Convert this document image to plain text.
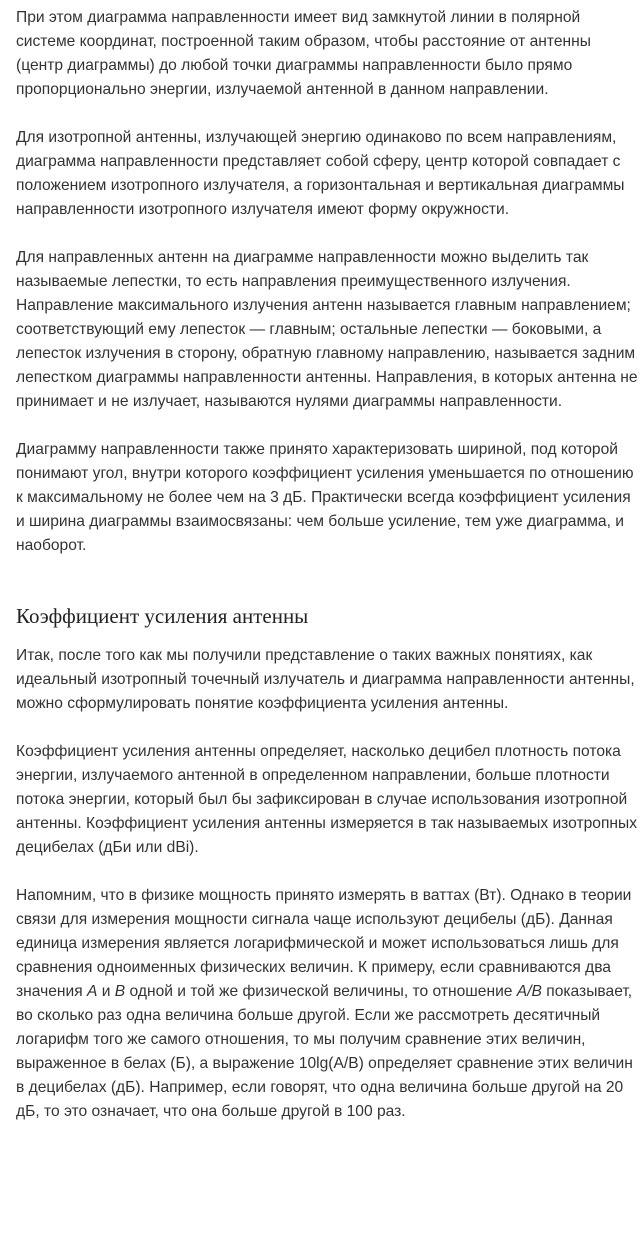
При этом диаграмма направленности имеет вид замкнутой линии в полярной системе координат, построенной таким образом, чтобы расстояние от антенны (центр диаграммы) до любой точки диаграммы направленности было прямо пропорционально энергии, излучаемой антенной в данном направлении.

Для изотропной антенны, излучающей энергию одинаково по всем направлениям, диаграмма направленности представляет собой сферу, центр которой совпадает с положением изотропного излучателя, а горизонтальная и вертикальная диаграммы направленности изотропного излучателя имеют форму окружности.

Для направленных антенн на диаграмме направленности можно выделить так называемые лепестки, то есть направления преимущественного излучения. Направление максимального излучения антенн называется главным направлением; соответствующий ему лепесток — главным; остальные лепестки — боковыми, а лепесток излучения в сторону, обратную главному направлению, называется задним лепестком диаграммы направленности антенны. Направления, в которых антенна не принимает и не излучает, называются нулями диаграммы направленности.

Диаграмму направленности также принято характеризовать шириной, под которой понимают угол, внутри которого коэффициент усиления уменьшается по отношению к максимальному не более чем на 3 дБ. Практически всегда коэффициент усиления и ширина диаграммы взаимосвязаны: чем больше усиление, тем уже диаграмма, и наоборот.

Коэффициент усиления антенны

Итак, после того как мы получили представление о таких важных понятиях, как идеальный изотропный точечный излучатель и диаграмма направленности антенны, можно сформулировать понятие коэффициента усиления антенны.

Коэффициент усиления антенны определяет, насколько децибел плотность потока энергии, излучаемого антенной в определенном направлении, больше плотности потока энергии, который был бы зафиксирован в случае использования изотропной антенны. Коэффициент усиления антенны измеряется в так называемых изотропных децибелах (дБи или dBi).

Напомним, что в физике мощность принято измерять в ваттах (Вт). Однако в теории связи для измерения мощности сигнала чаще используют децибелы (дБ). Данная единица измерения является логарифмической и может использоваться лишь для сравнения одноименных физических величин. К примеру, если сравниваются два значения A и B одной и той же физической величины, то отношение A/B показывает, во сколько раз одна величина больше другой. Если же рассмотреть десятичный логарифм того же самого отношения, то мы получим сравнение этих величин, выраженное в белах (Б), а выражение 10lg(A/B) определяет сравнение этих величин в децибелах (дБ). Например, если говорят, что одна величина больше другой на 20 дБ, то это означает, что она больше другой в 100 раз.
